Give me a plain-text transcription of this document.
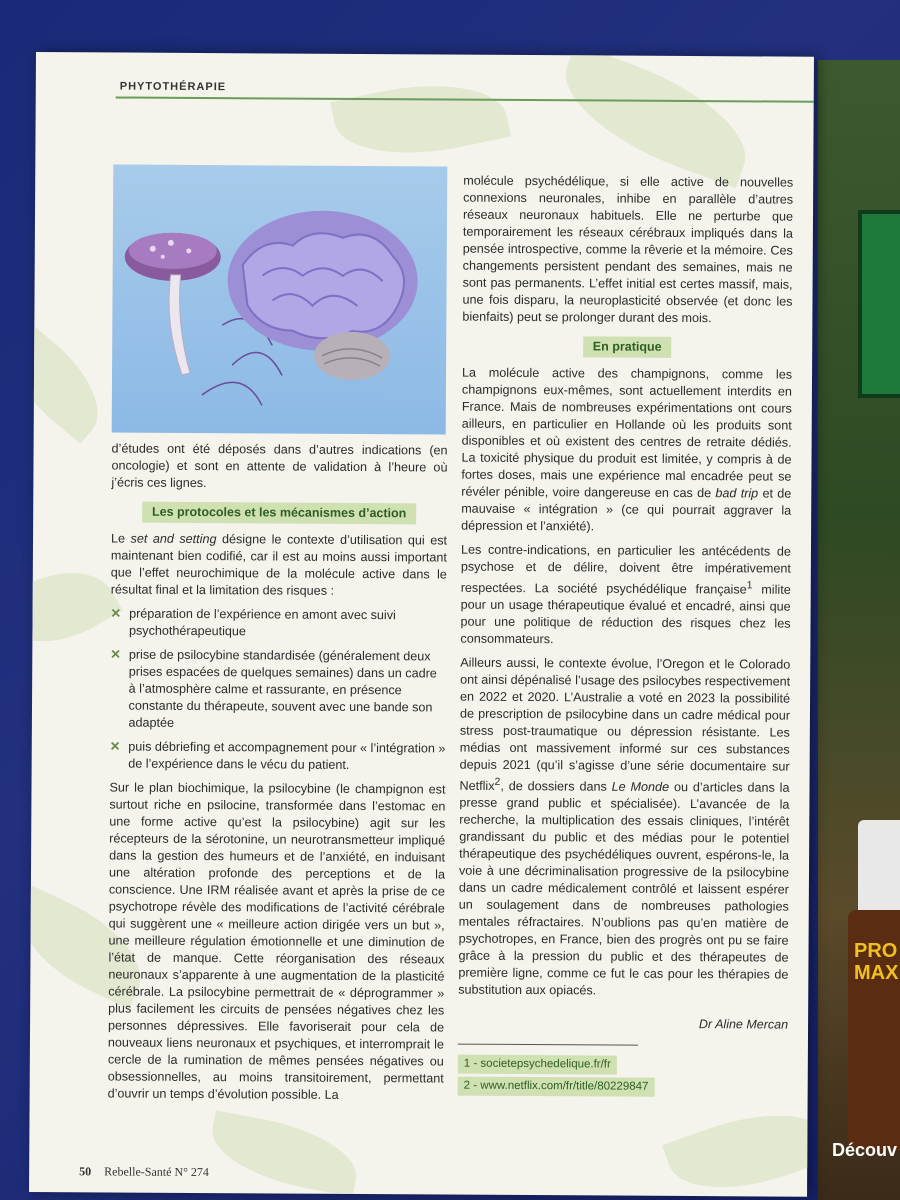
PRO
MAX
Découv
PHYTOTHÉRAPIE

d’études ont été déposés dans d’autres indications (en oncologie) et sont en attente de validation à l’heure où j’écris ces lignes.

Les protocoles et les mécanismes d’action

Le set and setting désigne le contexte d’utilisation qui est maintenant bien codifié, car il est au moins aussi important que l’effet neurochimique de la molécule active dans le résultat final et la limitation des risques :

✕ préparation de l’expérience en amont avec suivi psychothérapeutique
✕ prise de psilocybine standardisée (généralement deux prises espacées de quelques semaines) dans un cadre à l’atmosphère calme et rassurante, en présence constante du thérapeute, souvent avec une bande son adaptée
✕ puis débriefing et accompagnement pour « l’intégration » de l’expérience dans le vécu du patient.

Sur le plan biochimique, la psilocybine (le champignon est surtout riche en psilocine, transformée dans l’estomac en une forme active qu’est la psilocybine) agit sur les récepteurs de la sérotonine, un neurotransmetteur impliqué dans la gestion des humeurs et de l’anxiété, en induisant une altération profonde des perceptions et de la conscience. Une IRM réalisée avant et après la prise de ce psychotrope révèle des modifications de l’activité cérébrale qui suggèrent une « meilleure action dirigée vers un but », une meilleure régulation émotionnelle et une diminution de l’état de manque. Cette réorganisation des réseaux neuronaux s’apparente à une augmentation de la plasticité cérébrale. La psilocybine permettrait de « déprogrammer » plus facilement les circuits de pensées négatives chez les personnes dépressives. Elle favoriserait pour cela de nouveaux liens neuronaux et psychiques, et interromprait le cercle de la rumination de mêmes pensées négatives ou obsessionnelles, au moins transitoirement, permettant d’ouvrir un temps d’évolution possible. La

molécule psychédélique, si elle active de nouvelles connexions neuronales, inhibe en parallèle d’autres réseaux neuronaux habituels. Elle ne perturbe que temporairement les réseaux cérébraux impliqués dans la pensée introspective, comme la rêverie et la mémoire. Ces changements persistent pendant des semaines, mais ne sont pas permanents. L’effet initial est certes massif, mais, une fois disparu, la neuroplasticité observée (et donc les bienfaits) peut se prolonger durant des mois.

En pratique

La molécule active des champignons, comme les champignons eux-mêmes, sont actuellement interdits en France. Mais de nombreuses expérimentations ont cours ailleurs, en particulier en Hollande où les produits sont disponibles et où existent des centres de retraite dédiés. La toxicité physique du produit est limitée, y compris à de fortes doses, mais une expérience mal encadrée peut se révéler pénible, voire dangereuse en cas de bad trip et de mauvaise « intégration » (ce qui pourrait aggraver la dépression et l’anxiété).

Les contre-indications, en particulier les antécédents de psychose et de délire, doivent être impérativement respectées. La société psychédélique française$^1$ milite pour un usage thérapeutique évalué et encadré, ainsi que pour une politique de réduction des risques chez les consommateurs.

Ailleurs aussi, le contexte évolue, l’Oregon et le Colorado ont ainsi dépénalisé l’usage des psilocybes respectivement en 2022 et 2020. L’Australie a voté en 2023 la possibilité de prescription de psilocybine dans un cadre médical pour stress post-traumatique ou dépression résistante. Les médias ont massivement informé sur ces substances depuis 2021 (qu’il s’agisse d’une série documentaire sur Netflix$^2$, de dossiers dans Le Monde ou d’articles dans la presse grand public et spécialisée). L’avancée de la recherche, la multiplication des essais cliniques, l’intérêt grandissant du public et des médias pour le potentiel thérapeutique des psychédéliques ouvrent, espérons-le, la voie à une décriminalisation progressive de la psilocybine dans un cadre médicalement contrôlé et laissent espérer un soulagement dans de nombreuses pathologies mentales réfractaires. N’oublions pas qu’en matière de psychotropes, en France, bien des progrès ont pu se faire grâce à la pression du public et des thérapeutes de première ligne, comme ce fut le cas pour les thérapies de substitution aux opiacés.

Dr Aline Mercan
1 - societepsychedelique.fr/fr
2 - www.netflix.com/fr/title/80229847
50 Rebelle-Santé N° 274
